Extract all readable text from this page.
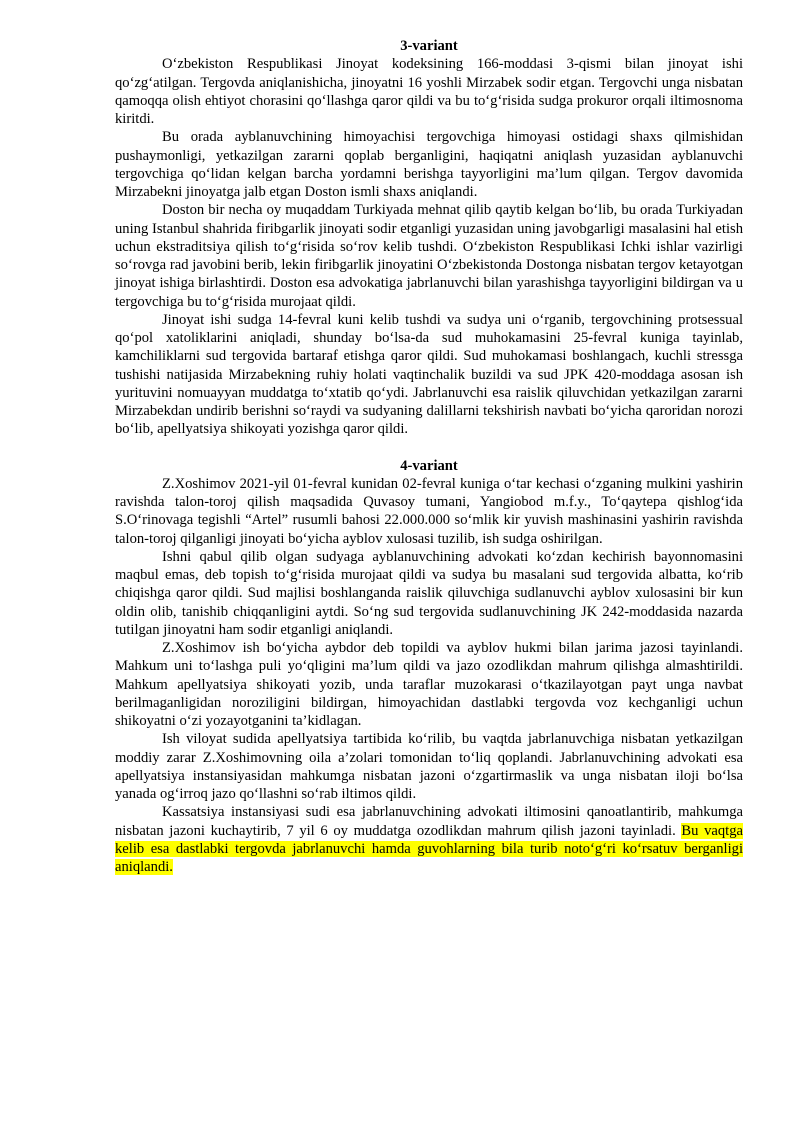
3-variant

O‘zbekiston Respublikasi Jinoyat kodeksining 166-moddasi 3-qismi bilan jinoyat ishi qo‘zg‘atilgan. Tergovda aniqlanishicha, jinoyatni 16 yoshli Mirzabek sodir etgan. Tergovchi unga nisbatan qamoqqa olish ehtiyot chorasini qo‘llashga qaror qildi va bu to‘g‘risida sudga prokuror orqali iltimosnoma kiritdi.

Bu orada ayblanuvchining himoyachisi tergovchiga himoyasi ostidagi shaxs qilmishidan pushaymonligi, yetkazilgan zararni qoplab berganligini, haqiqatni aniqlash yuzasidan ayblanuvchi tergovchiga qo‘lidan kelgan barcha yordamni berishga tayyorligini ma’lum qilgan. Tergov davomida Mirzabekni jinoyatga jalb etgan Doston ismli shaxs aniqlandi.

Doston bir necha oy muqaddam Turkiyada mehnat qilib qaytib kelgan bo‘lib, bu orada Turkiyadan uning Istanbul shahrida firibgarlik jinoyati sodir etganligi yuzasidan uning javobgarligi masalasini hal etish uchun ekstraditsiya qilish to‘g‘risida so‘rov kelib tushdi. O‘zbekiston Respublikasi Ichki ishlar vazirligi so‘rovga rad javobini berib, lekin firibgarlik jinoyatini O‘zbekistonda Dostonga nisbatan tergov ketayotgan jinoyat ishiga birlashtirdi. Doston esa advokatiga jabrlanuvchi bilan yarashishga tayyorligini bildirgan va u tergovchiga bu to‘g‘risida murojaat qildi.

Jinoyat ishi sudga 14-fevral kuni kelib tushdi va sudya uni o‘rganib, tergovchining protsessual qo‘pol xatoliklarini aniqladi, shunday bo‘lsa-da sud muhokamasini 25-fevral kuniga tayinlab, kamchiliklarni sud tergovida bartaraf etishga qaror qildi. Sud muhokamasi boshlangach, kuchli stressga tushishi natijasida Mirzabekning ruhiy holati vaqtinchalik buzildi va sud JPK 420-moddaga asosan ish yurituvini nomuayyan muddatga to‘xtatib qo‘ydi. Jabrlanuvchi esa raislik qiluvchidan yetkazilgan zararni Mirzabekdan undirib berishni so‘raydi va sudyaning dalillarni tekshirish navbati bo‘yicha qaroridan norozi bo‘lib, apellyatsiya shikoyati yozishga qaror qildi.

4-variant

Z.Xoshimov 2021-yil 01-fevral kunidan 02-fevral kuniga o‘tar kechasi o‘zganing mulkini yashirin ravishda talon-toroj qilish maqsadida Quvasoy tumani, Yangiobod m.f.y., To‘qaytepa qishlog‘ida S.O‘rinovaga tegishli “Artel” rusumli bahosi 22.000.000 so‘mlik kir yuvish mashinasini yashirin ravishda talon-toroj qilganligi jinoyati bo‘yicha ayblov xulosasi tuzilib, ish sudga oshirilgan.

Ishni qabul qilib olgan sudyaga ayblanuvchining advokati ko‘zdan kechirish bayonnomasini maqbul emas, deb topish to‘g‘risida murojaat qildi va sudya bu masalani sud tergovida albatta, ko‘rib chiqishga qaror qildi. Sud majlisi boshlanganda raislik qiluvchiga sudlanuvchi ayblov xulosasini bir kun oldin olib, tanishib chiqqanligini aytdi. So‘ng sud tergovida sudlanuvchining JK 242-moddasida nazarda tutilgan jinoyatni ham sodir etganligi aniqlandi.

Z.Xoshimov ish bo‘yicha aybdor deb topildi va ayblov hukmi bilan jarima jazosi tayinlandi. Mahkum uni to‘lashga puli yo‘qligini ma’lum qildi va jazo ozodlikdan mahrum qilishga almashtirildi. Mahkum apellyatsiya shikoyati yozib, unda taraflar muzokarasi o‘tkazilayotgan payt unga navbat berilmaganligidan noroziligini bildirgan, himoyachidan dastlabki tergovda voz kechganligi uchun shikoyatni o‘zi yozayotganini ta’kidlagan.

Ish viloyat sudida apellyatsiya tartibida ko‘rilib, bu vaqtda jabrlanuvchiga nisbatan yetkazilgan moddiy zarar Z.Xoshimovning oila a’zolari tomonidan to‘liq qoplandi. Jabrlanuvchining advokati esa apellyatsiya instansiyasidan mahkumga nisbatan jazoni o‘zgartirmaslik va unga nisbatan iloji bo‘lsa yanada og‘irroq jazo qo‘llashni so‘rab iltimos qildi.

Kassatsiya instansiyasi sudi esa jabrlanuvchining advokati iltimosini qanoatlantirib, mahkumga nisbatan jazoni kuchaytirib, 7 yil 6 oy muddatga ozodlikdan mahrum qilish jazoni tayinladi. Bu vaqtga kelib esa dastlabki tergovda jabrlanuvchi hamda guvohlarning bila turib noto‘g‘ri ko‘rsatuv berganligi aniqlandi.
